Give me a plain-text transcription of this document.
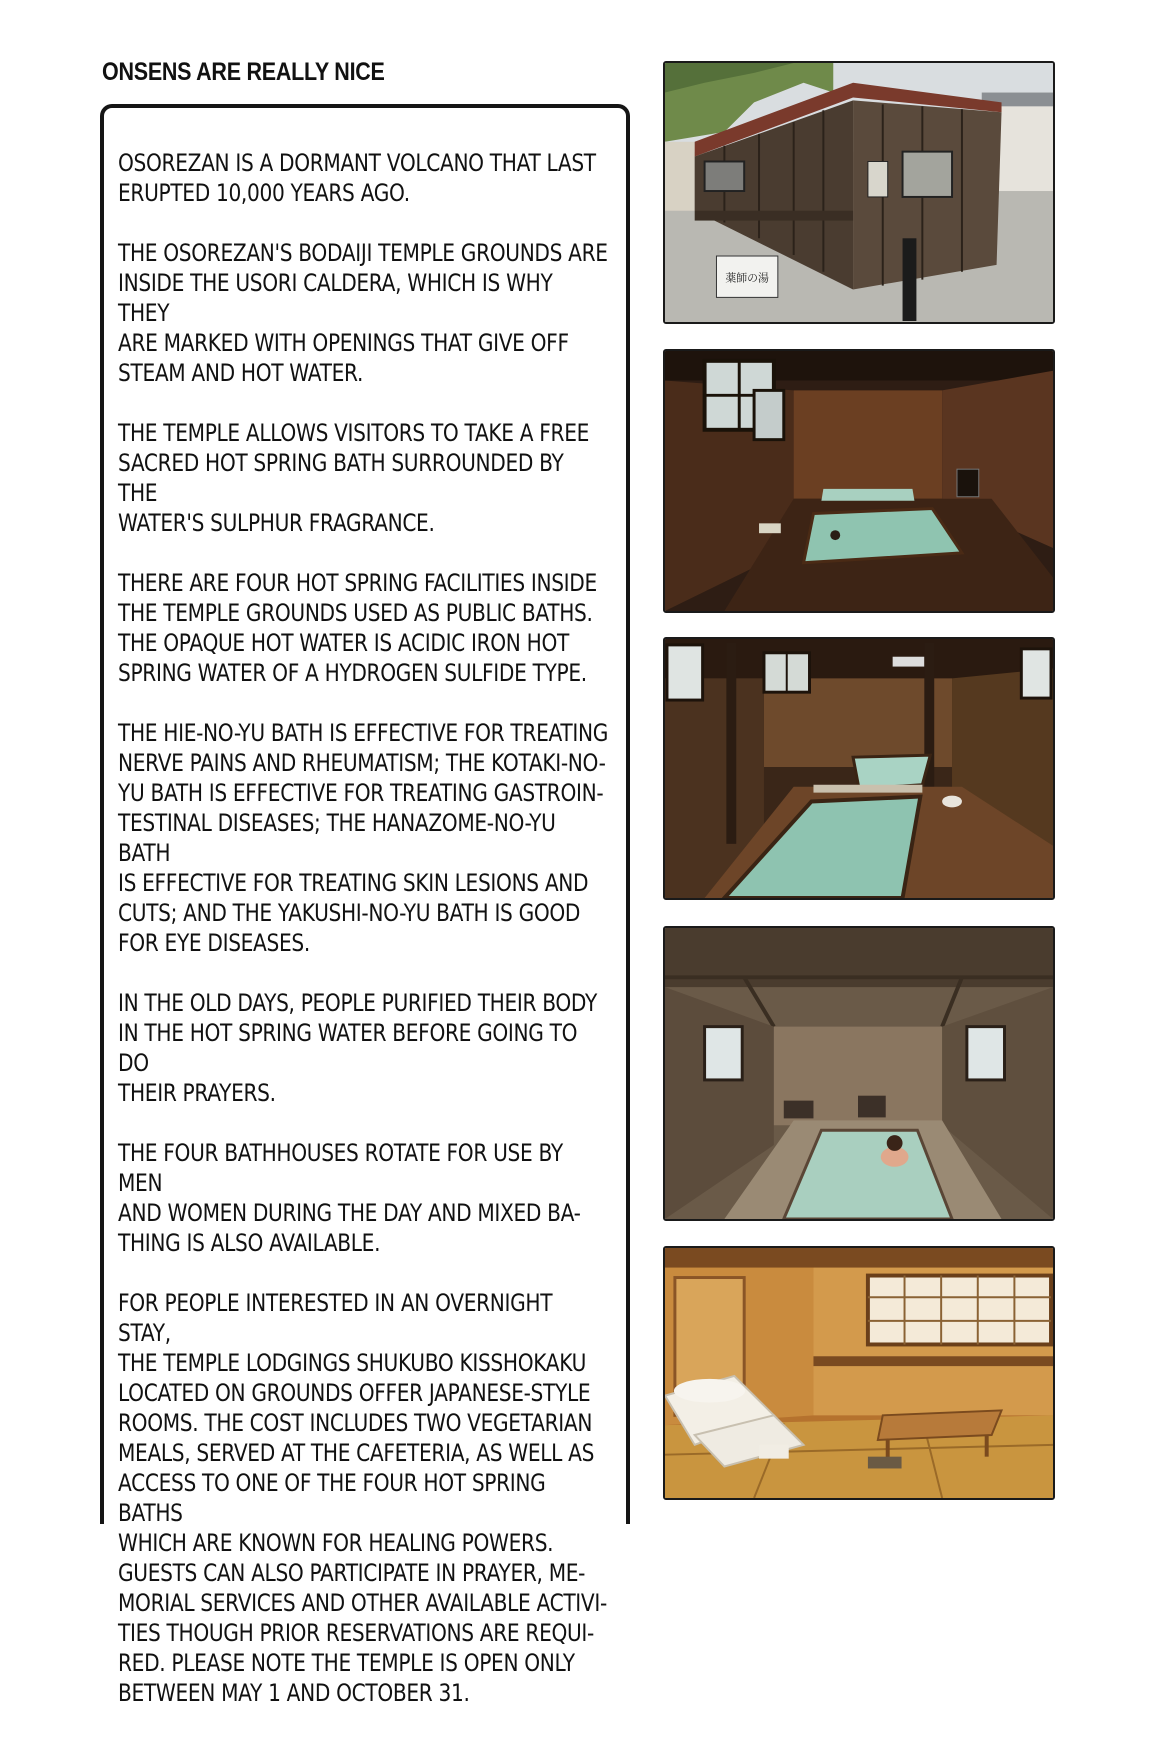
ONSENS ARE REALLY NICE

OSOREZAN IS A DORMANT VOLCANO THAT LAST
ERUPTED 10,000 YEARS AGO.

THE OSOREZAN'S BODAIJI TEMPLE GROUNDS ARE
INSIDE THE USORI CALDERA, WHICH IS WHY THEY
ARE MARKED WITH OPENINGS THAT GIVE OFF
STEAM AND HOT WATER.

THE TEMPLE ALLOWS VISITORS TO TAKE A FREE
SACRED HOT SPRING BATH SURROUNDED BY THE
WATER'S SULPHUR FRAGRANCE.

THERE ARE FOUR HOT SPRING FACILITIES INSIDE
THE TEMPLE GROUNDS USED AS PUBLIC BATHS.
THE OPAQUE HOT WATER IS ACIDIC IRON HOT
SPRING WATER OF A HYDROGEN SULFIDE TYPE.

THE HIE-NO-YU BATH IS EFFECTIVE FOR TREATING
NERVE PAINS AND RHEUMATISM; THE KOTAKI-NO-
YU BATH IS EFFECTIVE FOR TREATING GASTROIN-
TESTINAL DISEASES; THE HANAZOME-NO-YU BATH
IS EFFECTIVE FOR TREATING SKIN LESIONS AND
CUTS; AND THE YAKUSHI-NO-YU BATH IS GOOD
FOR EYE DISEASES.

IN THE OLD DAYS, PEOPLE PURIFIED THEIR BODY
IN THE HOT SPRING WATER BEFORE GOING TO DO
THEIR PRAYERS.

THE FOUR BATHHOUSES ROTATE FOR USE BY MEN
AND WOMEN DURING THE DAY AND MIXED BA-
THING IS ALSO AVAILABLE.

FOR PEOPLE INTERESTED IN AN OVERNIGHT STAY,
THE TEMPLE LODGINGS SHUKUBO KISSHOKAKU
LOCATED ON GROUNDS OFFER JAPANESE-STYLE
ROOMS. THE COST INCLUDES TWO VEGETARIAN
MEALS, SERVED AT THE CAFETERIA, AS WELL AS
ACCESS TO ONE OF THE FOUR HOT SPRING BATHS
WHICH ARE KNOWN FOR HEALING POWERS.
GUESTS CAN ALSO PARTICIPATE IN PRAYER, ME-
MORIAL SERVICES AND OTHER AVAILABLE ACTIVI-
TIES THOUGH PRIOR RESERVATIONS ARE REQUI-
RED. PLEASE NOTE THE TEMPLE IS OPEN ONLY
BETWEEN MAY 1 AND OCTOBER 31.

薬師の湯
